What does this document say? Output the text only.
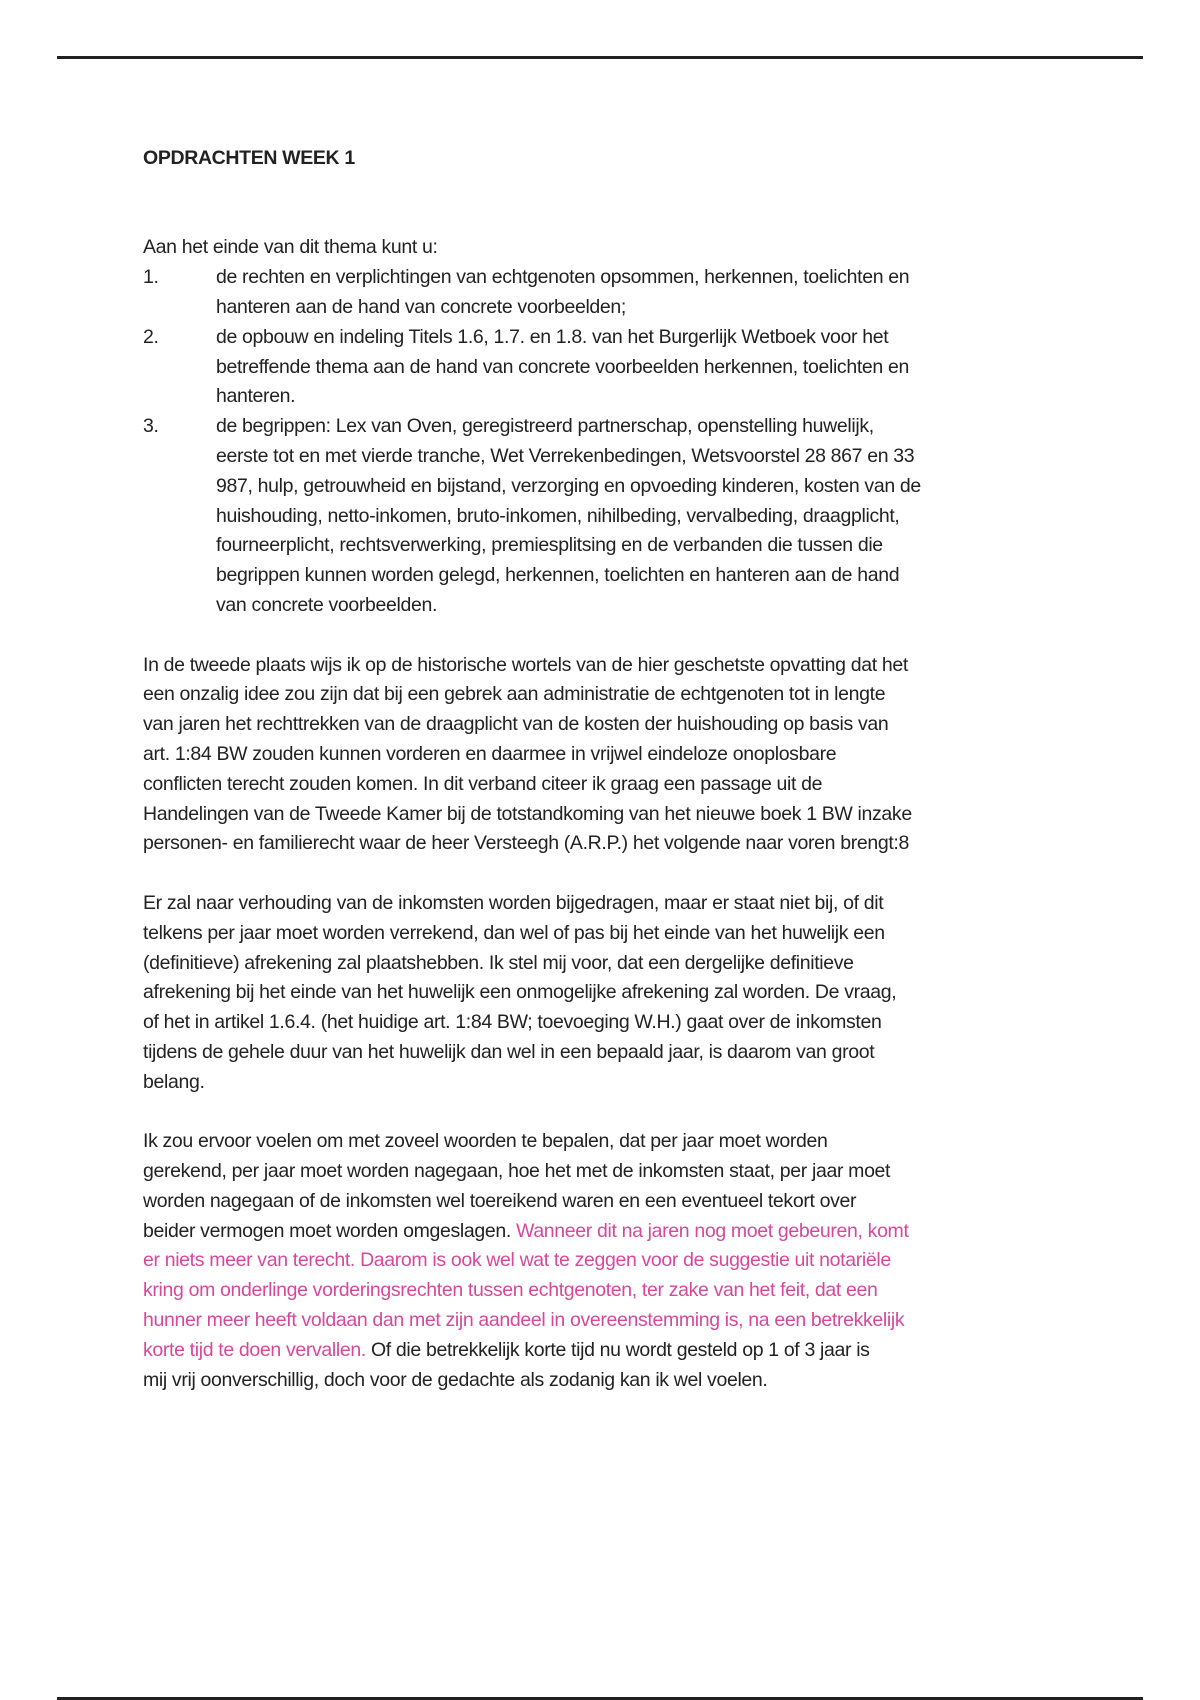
OPDRACHTEN WEEK 1
Aan het einde van dit thema kunt u:
1.	de rechten en verplichtingen van echtgenoten opsommen, herkennen, toelichten en
hanteren aan de hand van concrete voorbeelden;
2.	de opbouw en indeling Titels 1.6, 1.7. en 1.8. van het Burgerlijk Wetboek voor het
betreffende thema aan de hand van concrete voorbeelden herkennen, toelichten en
hanteren.
3.	de begrippen: Lex van Oven, geregistreerd partnerschap, openstelling huwelijk,
eerste tot en met vierde tranche, Wet Verrekenbedingen, Wetsvoorstel 28 867 en 33
987, hulp, getrouwheid en bijstand, verzorging en opvoeding kinderen, kosten van de
huishouding, netto-inkomen, bruto-inkomen, nihilbeding, vervalbeding, draagplicht,
fourneerplicht, rechtsverwerking, premiesplitsing en de verbanden die tussen die
begrippen kunnen worden gelegd, herkennen, toelichten en hanteren aan de hand
van concrete voorbeelden.
In de tweede plaats wijs ik op de historische wortels van de hier geschetste opvatting dat het
een onzalig idee zou zijn dat bij een gebrek aan administratie de echtgenoten tot in lengte
van jaren het rechttrekken van de draagplicht van de kosten der huishouding op basis van
art. 1:84 BW zouden kunnen vorderen en daarmee in vrijwel eindeloze onoplosbare
conflicten terecht zouden komen. In dit verband citeer ik graag een passage uit de
Handelingen van de Tweede Kamer bij de totstandkoming van het nieuwe boek 1 BW inzake
personen- en familierecht waar de heer Versteegh (A.R.P.) het volgende naar voren brengt:8
Er zal naar verhouding van de inkomsten worden bijgedragen, maar er staat niet bij, of dit
telkens per jaar moet worden verrekend, dan wel of pas bij het einde van het huwelijk een
(definitieve) afrekening zal plaatshebben. Ik stel mij voor, dat een dergelijke definitieve
afrekening bij het einde van het huwelijk een onmogelijke afrekening zal worden. De vraag,
of het in artikel 1.6.4. (het huidige art. 1:84 BW; toevoeging W.H.) gaat over de inkomsten
tijdens de gehele duur van het huwelijk dan wel in een bepaald jaar, is daarom van groot
belang.
Ik zou ervoor voelen om met zoveel woorden te bepalen, dat per jaar moet worden
gerekend, per jaar moet worden nagegaan, hoe het met de inkomsten staat, per jaar moet
worden nagegaan of de inkomsten wel toereikend waren en een eventueel tekort over
beider vermogen moet worden omgeslagen. Wanneer dit na jaren nog moet gebeuren, komt
er niets meer van terecht. Daarom is ook wel wat te zeggen voor de suggestie uit notariële
kring om onderlinge vorderingsrechten tussen echtgenoten, ter zake van het feit, dat een
hunner meer heeft voldaan dan met zijn aandeel in overeenstemming is, na een betrekkelijk
korte tijd te doen vervallen. Of die betrekkelijk korte tijd nu wordt gesteld op 1 of 3 jaar is
mij vrij oonverschillig, doch voor de gedachte als zodanig kan ik wel voelen.
